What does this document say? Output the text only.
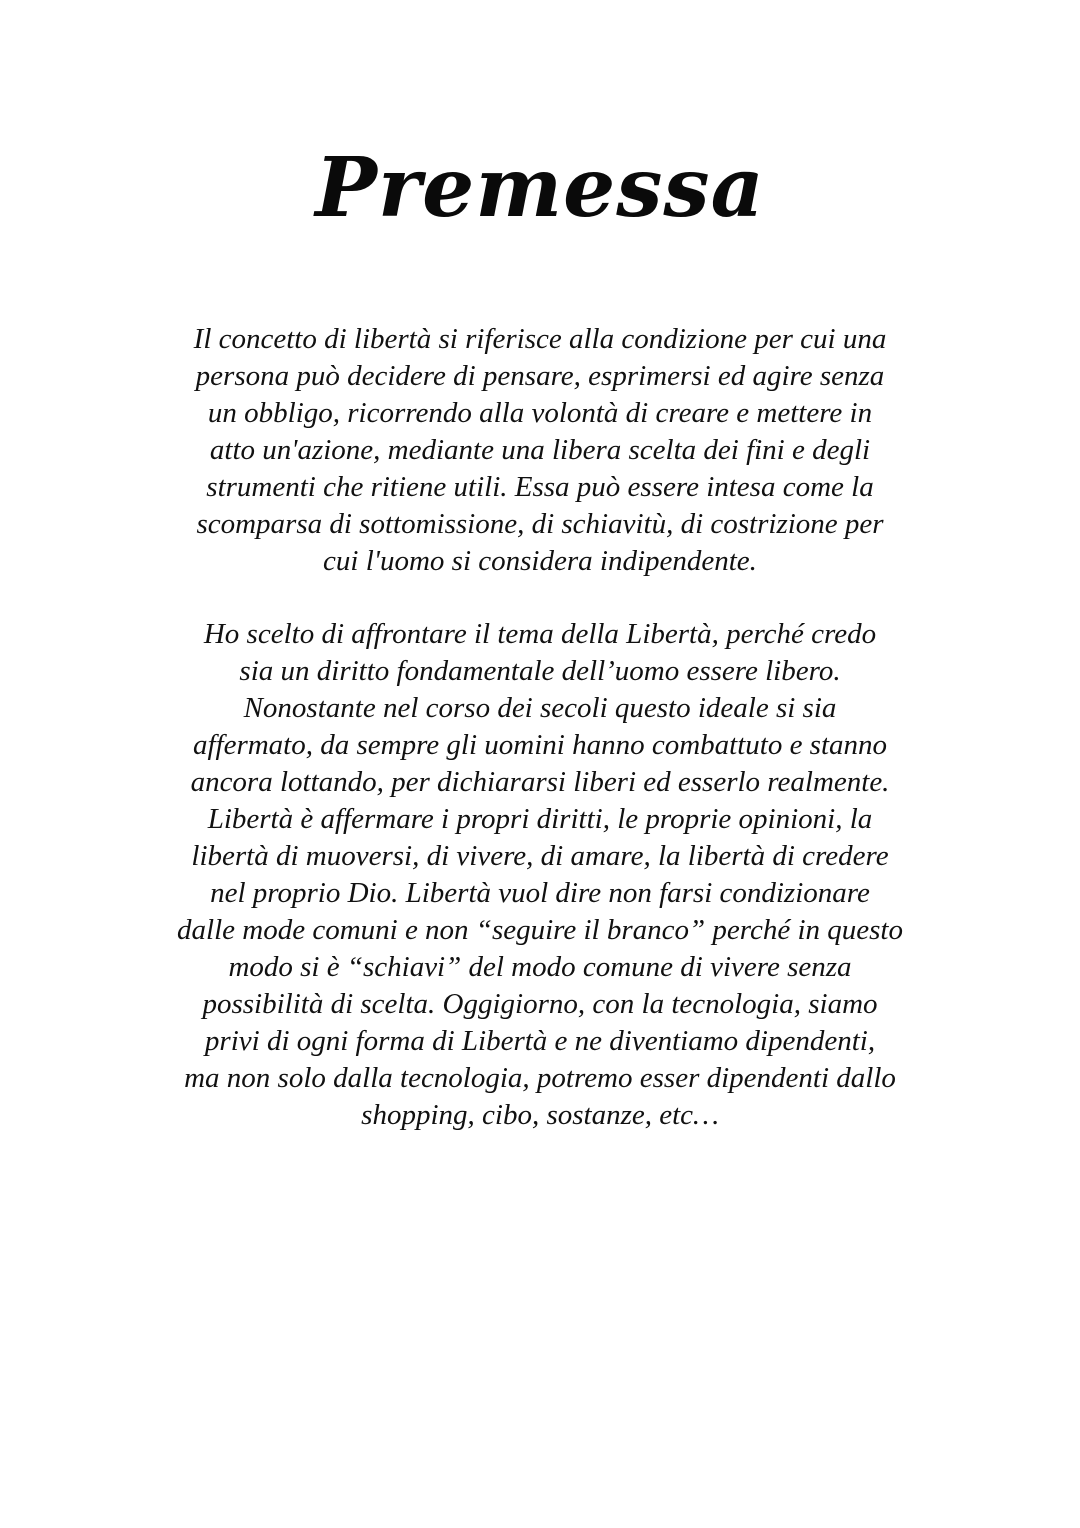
Premessa

Il concetto di libertà si riferisce alla condizione per cui una
persona può decidere di pensare, esprimersi ed agire senza
un obbligo, ricorrendo alla volontà di creare e mettere in
atto un'azione, mediante una libera scelta dei fini e degli
strumenti che ritiene utili. Essa può essere intesa come la
scomparsa di sottomissione, di schiavitù, di costrizione per
cui l'uomo si considera indipendente.

Ho scelto di affrontare il tema della Libertà, perché credo
sia un diritto fondamentale dell’uomo essere libero.
Nonostante nel corso dei secoli questo ideale si sia
affermato, da sempre gli uomini hanno combattuto e stanno
ancora lottando, per dichiararsi liberi ed esserlo realmente.
Libertà è affermare i propri diritti, le proprie opinioni, la
libertà di muoversi, di vivere, di amare, la libertà di credere
nel proprio Dio. Libertà vuol dire non farsi condizionare
dalle mode comuni e non “seguire il branco” perché in questo
modo si è “schiavi” del modo comune di vivere senza
possibilità di scelta. Oggigiorno, con la tecnologia, siamo
privi di ogni forma di Libertà e ne diventiamo dipendenti,
ma non solo dalla tecnologia, potremo esser dipendenti dallo
shopping, cibo, sostanze, etc…
